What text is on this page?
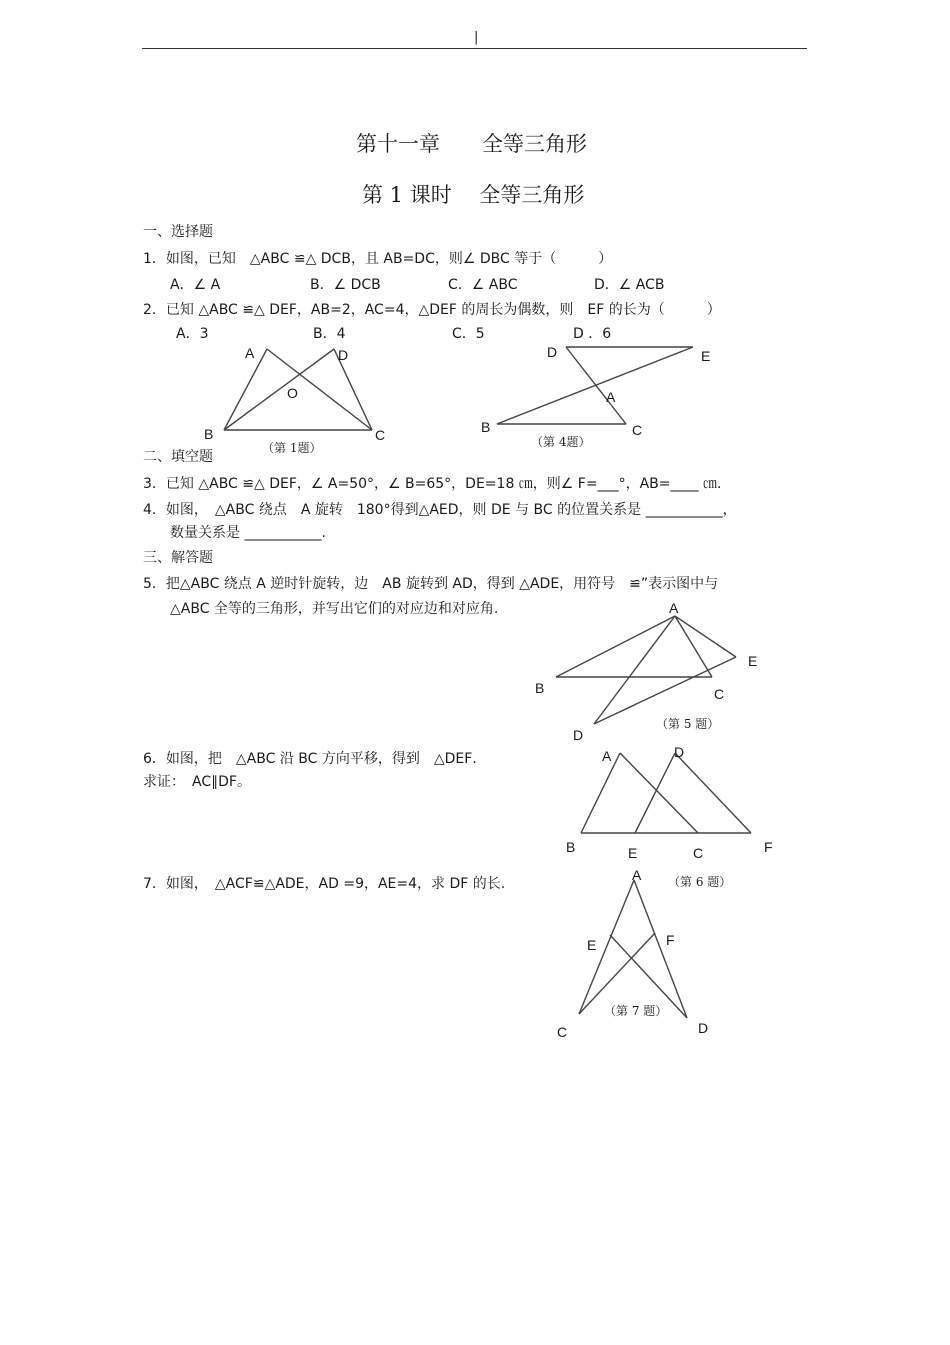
|
第十一章　　全等三角形
第 1 课时　 全等三角形
一、选择题
1．如图，已知　△ABC ≌△ DCB，且 AB=DC，则∠ DBC 等于（　　　）
A．∠ A	B．∠ DCB	C．∠ ABC	D．∠ ACB
2．已知 △ABC ≌△ DEF，AB=2，AC=4，△DEF 的周长为偶数，则　EF 的长为（　　　）
A．3	B．4	C．5	D ．6
A	D
O
B	C
（第 1题）
D	E
A
B	C
（第 4题）
二、填空题
3．已知 △ABC ≌△ DEF，∠ A=50°，∠ B=65°，DE=18 ㎝，则∠ F=___°，AB=____ ㎝.
4．如图，　△ABC 绕点　A 旋转　180°得到△AED，则 DE 与 BC 的位置关系是 ___________，
数量关系是 ___________.
三、解答题
5．把△ABC 绕点 A 逆时针旋转，边　AB 旋转到 AD，得到 △ADE，用符号　≌”表示图中与
△ABC 全等的三角形，并写出它们的对应边和对应角.	A
E
B	C
D
（第 5 题）
6．如图，把　△ABC 沿 BC 方向平移，得到　△DEF．
求证：　AC∥DF。
A	D
B	E	C	F
（第 6 题）
7．如图，　△ACF≌△ADE，AD =9，AE=4，求 DF 的长.
A
E	F
C	D
（第 7 题）
